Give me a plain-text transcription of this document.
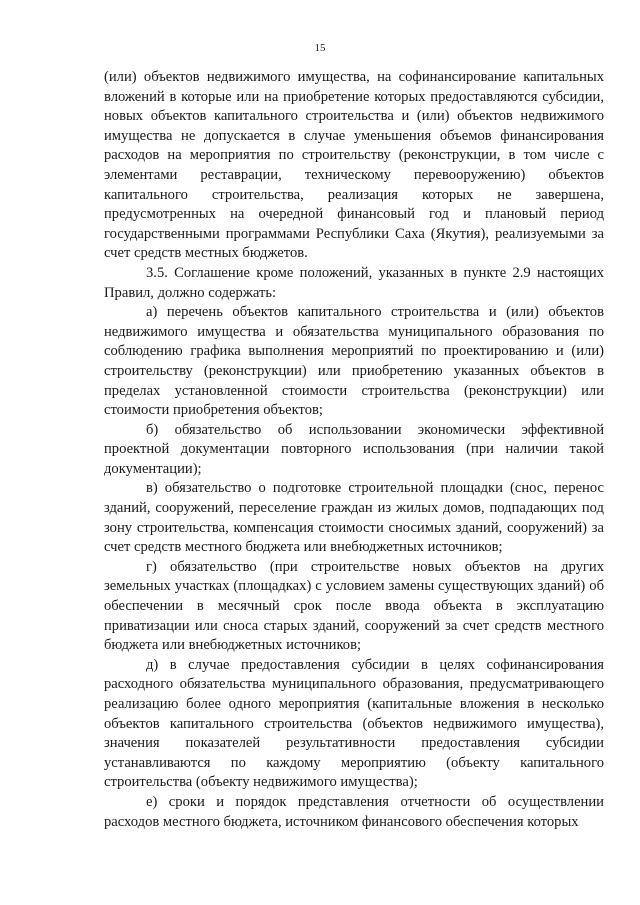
15

(или) объектов недвижимого имущества, на софинансирование капитальных вложений в которые или на приобретение которых предоставляются субсидии, новых объектов капитального строительства и (или) объектов недвижимого имущества не допускается в случае уменьшения объемов финансирования расходов на мероприятия по строительству (реконструкции, в том числе с элементами реставрации, техническому перевооружению) объектов капитального строительства, реализация которых не завершена, предусмотренных на очередной финансовый год и плановый период государственными программами Республики Саха (Якутия), реализуемыми за счет средств местных бюджетов.

3.5. Соглашение кроме положений, указанных в пункте 2.9 настоящих Правил, должно содержать:

а) перечень объектов капитального строительства и (или) объектов недвижимого имущества и обязательства муниципального образования по соблюдению графика выполнения мероприятий по проектированию и (или) строительству (реконструкции) или приобретению указанных объектов в пределах установленной стоимости строительства (реконструкции) или стоимости приобретения объектов;

б) обязательство об использовании экономически эффективной проектной документации повторного использования (при наличии такой документации);

в) обязательство о подготовке строительной площадки (снос, перенос зданий, сооружений, переселение граждан из жилых домов, подпадающих под зону строительства, компенсация стоимости сносимых зданий, сооружений) за счет средств местного бюджета или внебюджетных источников;

г) обязательство (при строительстве новых объектов на других земельных участках (площадках) с условием замены существующих зданий) об обеспечении в месячный срок после ввода объекта в эксплуатацию приватизации или сноса старых зданий, сооружений за счет средств местного бюджета или внебюджетных источников;

д) в случае предоставления субсидии в целях софинансирования расходного обязательства муниципального образования, предусматривающего реализацию более одного мероприятия (капитальные вложения в несколько объектов капитального строительства (объектов недвижимого имущества), значения показателей результативности предоставления субсидии устанавливаются по каждому мероприятию (объекту капитального строительства (объекту недвижимого имущества);

е) сроки и порядок представления отчетности об осуществлении расходов местного бюджета, источником финансового обеспечения которых
